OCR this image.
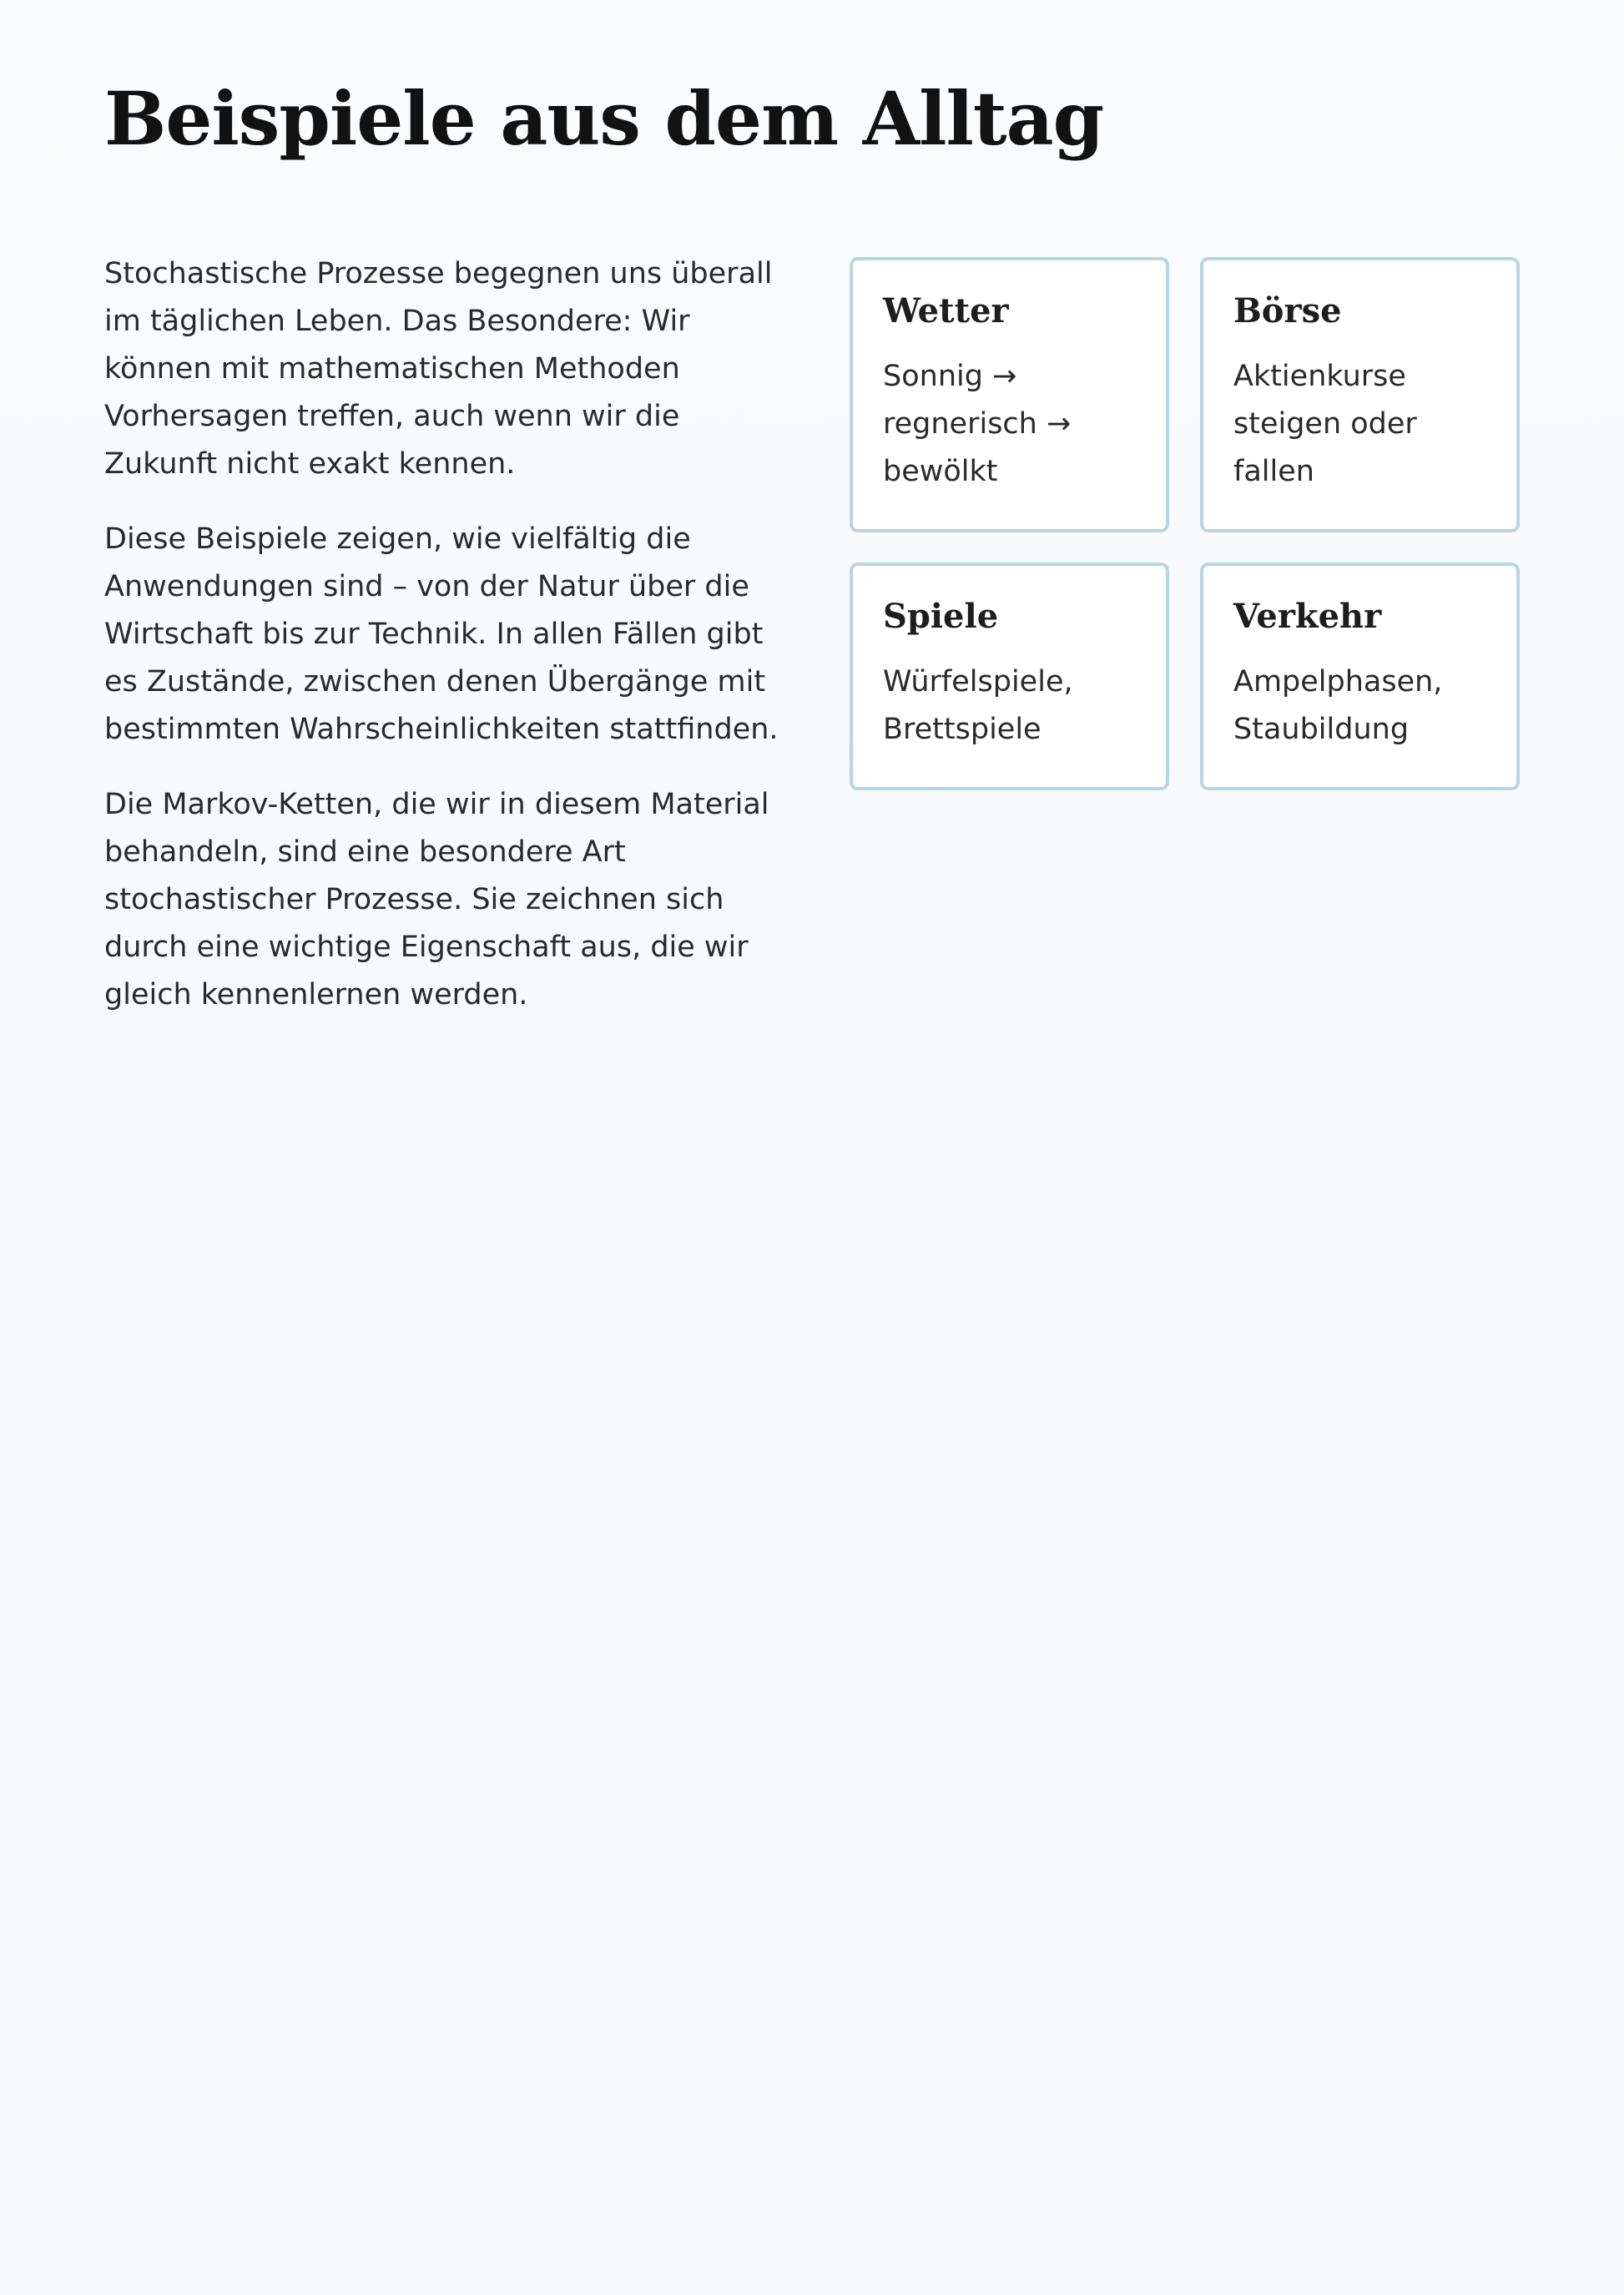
Beispiele aus dem Alltag

Stochastische Prozesse begegnen uns überall im täglichen Leben. Das Besondere: Wir können mit mathematischen Methoden Vorhersagen treffen, auch wenn wir die Zukunft nicht exakt kennen.

Diese Beispiele zeigen, wie vielfältig die Anwendungen sind – von der Natur über die Wirtschaft bis zur Technik. In allen Fällen gibt es Zustände, zwischen denen Übergänge mit bestimmten Wahrscheinlichkeiten stattfinden.

Die Markov-Ketten, die wir in diesem Material behandeln, sind eine besondere Art stochastischer Prozesse. Sie zeichnen sich durch eine wichtige Eigenschaft aus, die wir gleich kennenlernen werden.

Wetter

Sonnig → regnerisch → bewölkt

Börse

Aktienkurse steigen oder fallen

Spiele

Würfelspiele, Brettspiele

Verkehr

Ampelphasen, Staubildung
